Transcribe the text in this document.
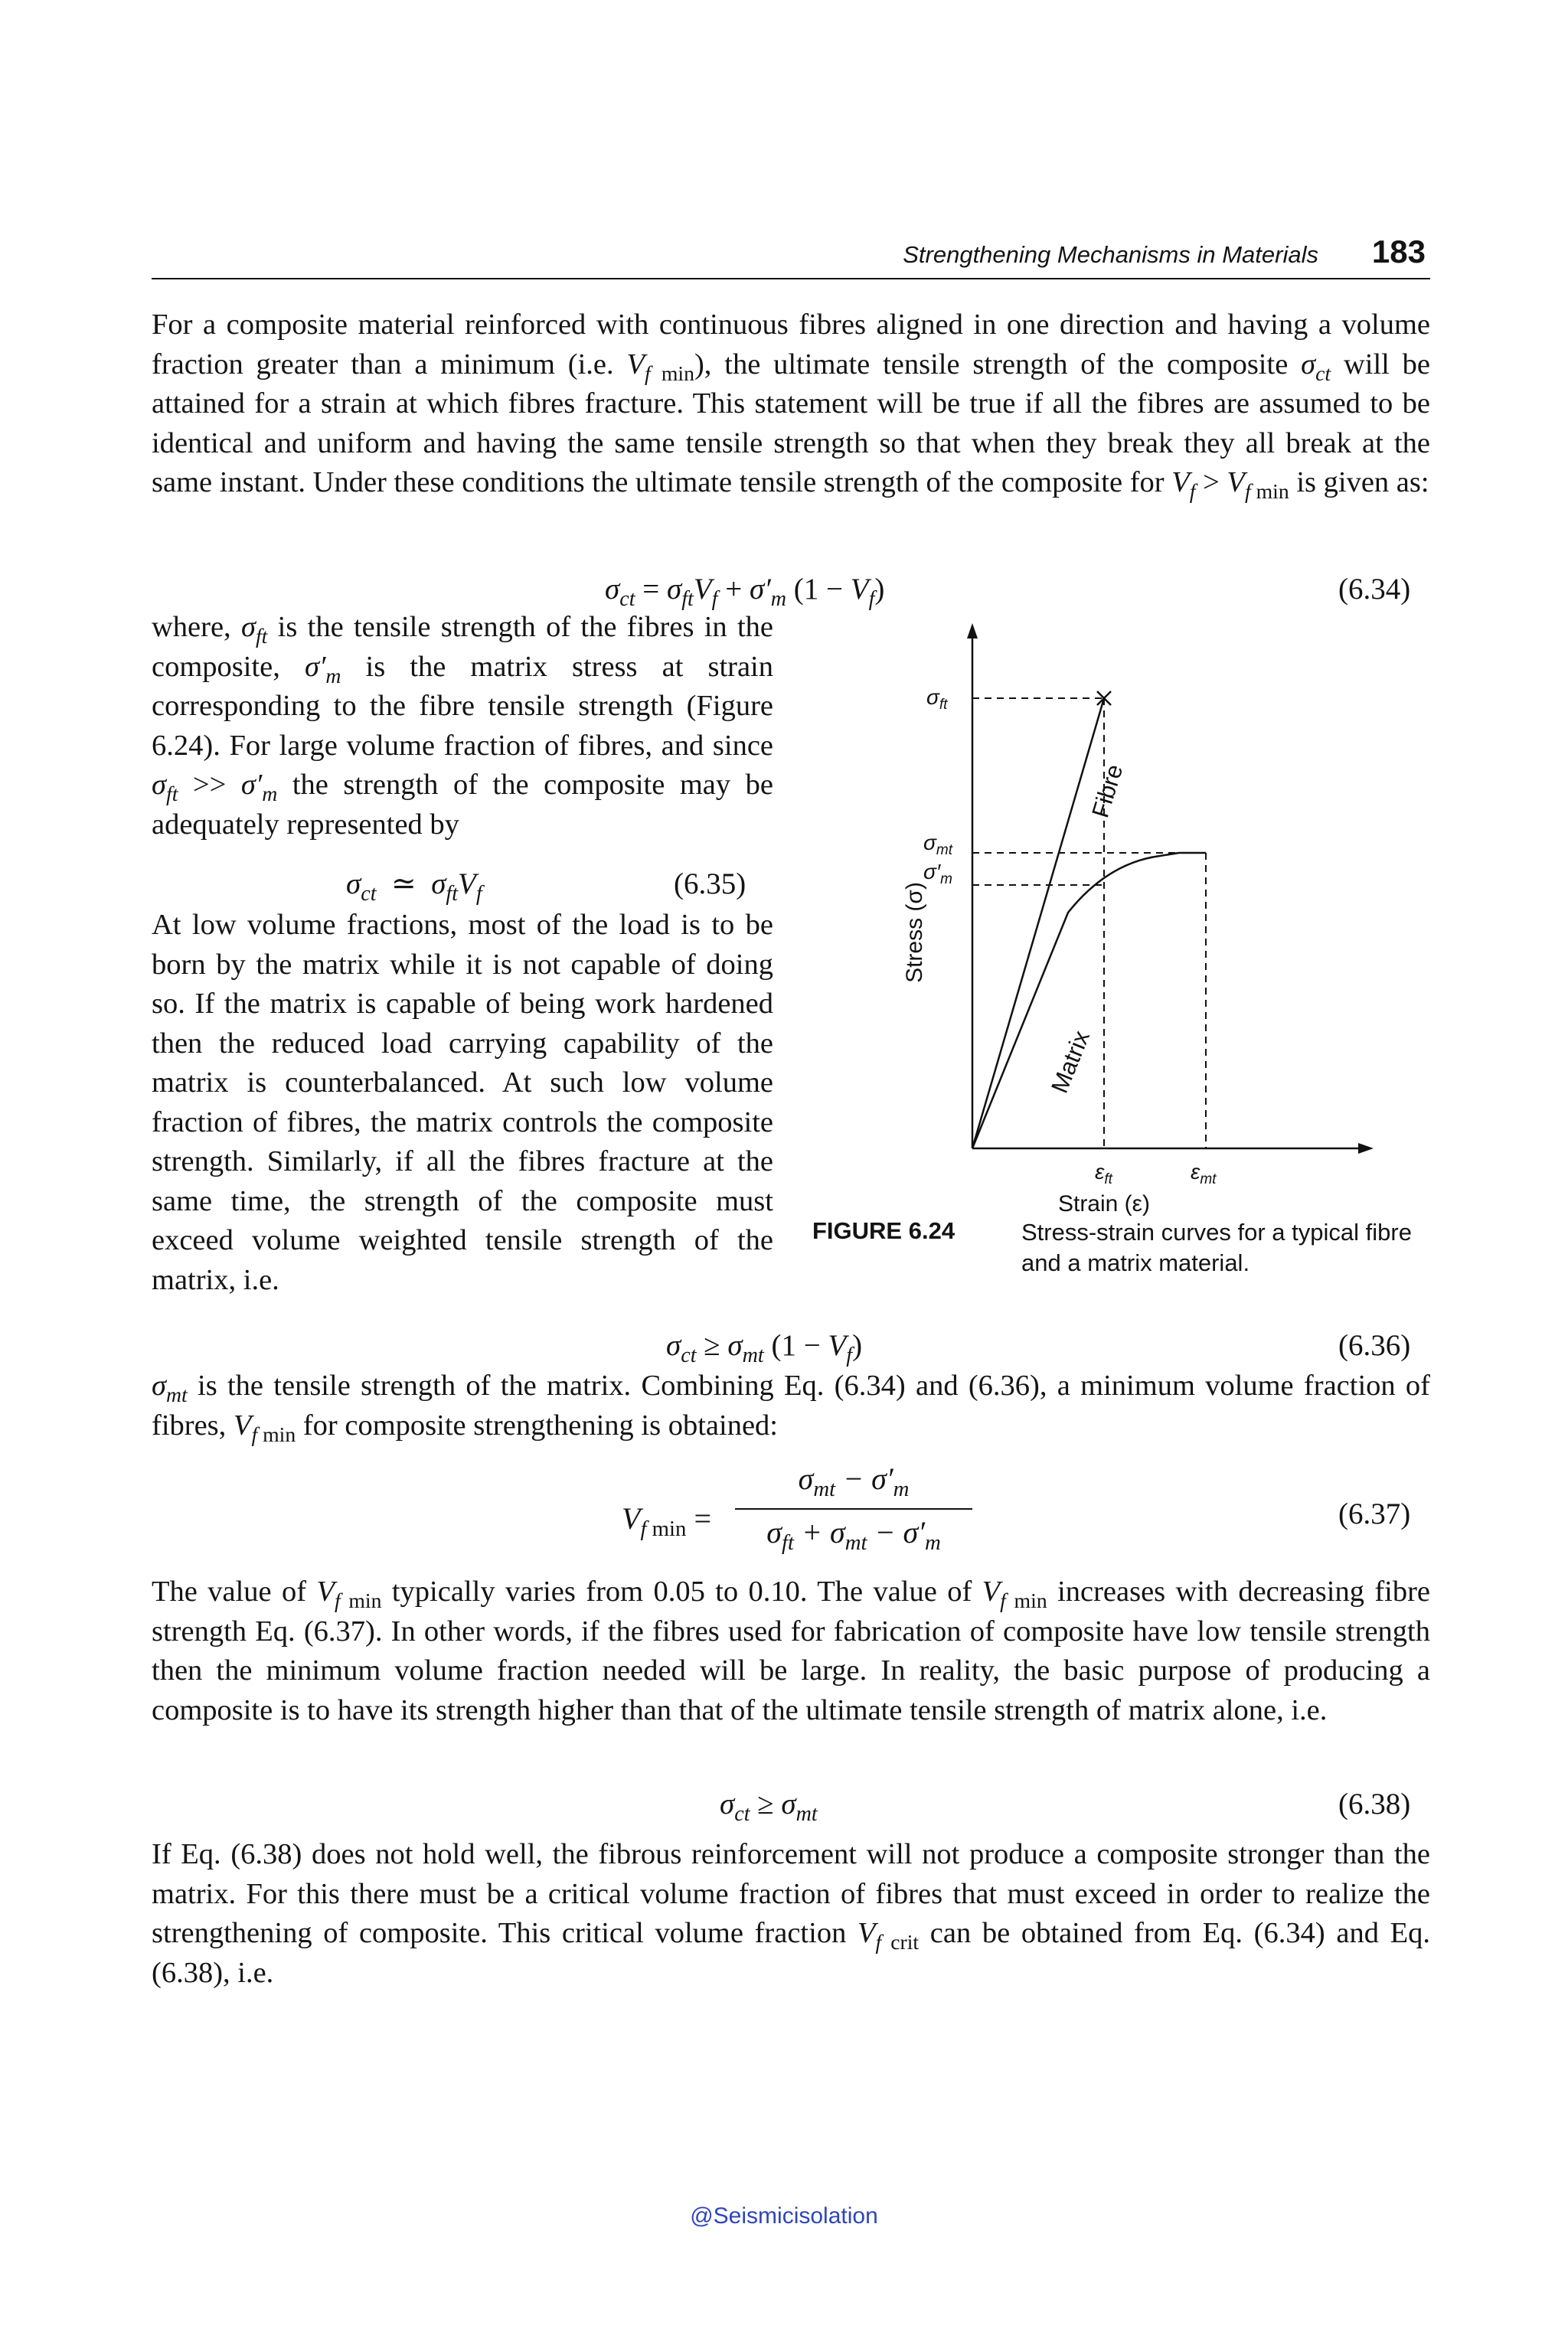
Strengthening Mechanisms in Materials 183
For a composite material reinforced with continuous fibres aligned in one direction and having a volume fraction greater than a minimum (i.e. $V_f$ $_{min}$), the ultimate tensile strength of the composite $\sigma_{ct}$ will be attained for a strain at which fibres fracture. This statement will be true if all the fibres are assumed to be identical and uniform and having the same tensile strength so that when they break they all break at the same instant. Under these conditions the ultimate tensile strength of the composite for $V_f > V_f$ $_{min}$ is given as:
$\sigma_{ct} = \sigma_{ft}V_f + \sigma'_m$ $(1 - V_f)$	(6.34)
where, $\sigma_{ft}$ is the tensile strength of the fibres in the composite, $\sigma'_m$ is the matrix stress at strain corresponding to the fibre tensile strength (Figure 6.24). For large volume fraction of fibres, and since $\sigma_{ft} >> \sigma'_m$ the strength of the composite may be adequately represented by
$\sigma_{ct}$  ≃  $\sigma_{ft}V_f$	(6.35)
At low volume fractions, most of the load is to be born by the matrix while it is not capable of doing so. If the matrix is capable of being work hardened then the reduced load carrying capability of the matrix is counterbalanced. At such low volume fraction of fibres, the matrix controls the composite strength. Similarly, if all the fibres fracture at the same time, the strength of the composite must exceed volume weighted tensile strength of the matrix, i.e.
Fibre
Matrix
$\sigma_{ft}$
$\sigma_{mt}$
$\sigma'_m$
Stress (σ)
$\varepsilon_{ft}$	$\varepsilon_{mt}$
Strain (ε)
FIGURE 6.24	Stress-strain curves for a typical fibre and a matrix material.
$\sigma_{ct} \ge \sigma_{mt}$ $(1 - V_f)$	(6.36)
$\sigma_{mt}$ is the tensile strength of the matrix. Combining Eq. (6.34) and (6.36), a minimum volume fraction of fibres, $V_f$ $_{min}$ for composite strengthening is obtained:
$V_f$ $_{min}$ =
$\sigma_{mt} - \sigma'_m$
$\sigma_{ft} + \sigma_{mt} - \sigma'_m$
(6.37)
The value of $V_f$ $_{min}$ typically varies from 0.05 to 0.10. The value of $V_f$ $_{min}$ increases with decreasing fibre strength Eq. (6.37). In other words, if the fibres used for fabrication of composite have low tensile strength then the minimum volume fraction needed will be large. In reality, the basic purpose of producing a composite is to have its strength higher than that of the ultimate tensile strength of matrix alone, i.e.
$\sigma_{ct} \ge \sigma_{mt}$	(6.38)
If Eq. (6.38) does not hold well, the fibrous reinforcement will not produce a composite stronger than the matrix. For this there must be a critical volume fraction of fibres that must exceed in order to realize the strengthening of composite. This critical volume fraction $V_f$ $_{crit}$ can be obtained from Eq. (6.34) and Eq. (6.38), i.e.
@Seismicisolation
